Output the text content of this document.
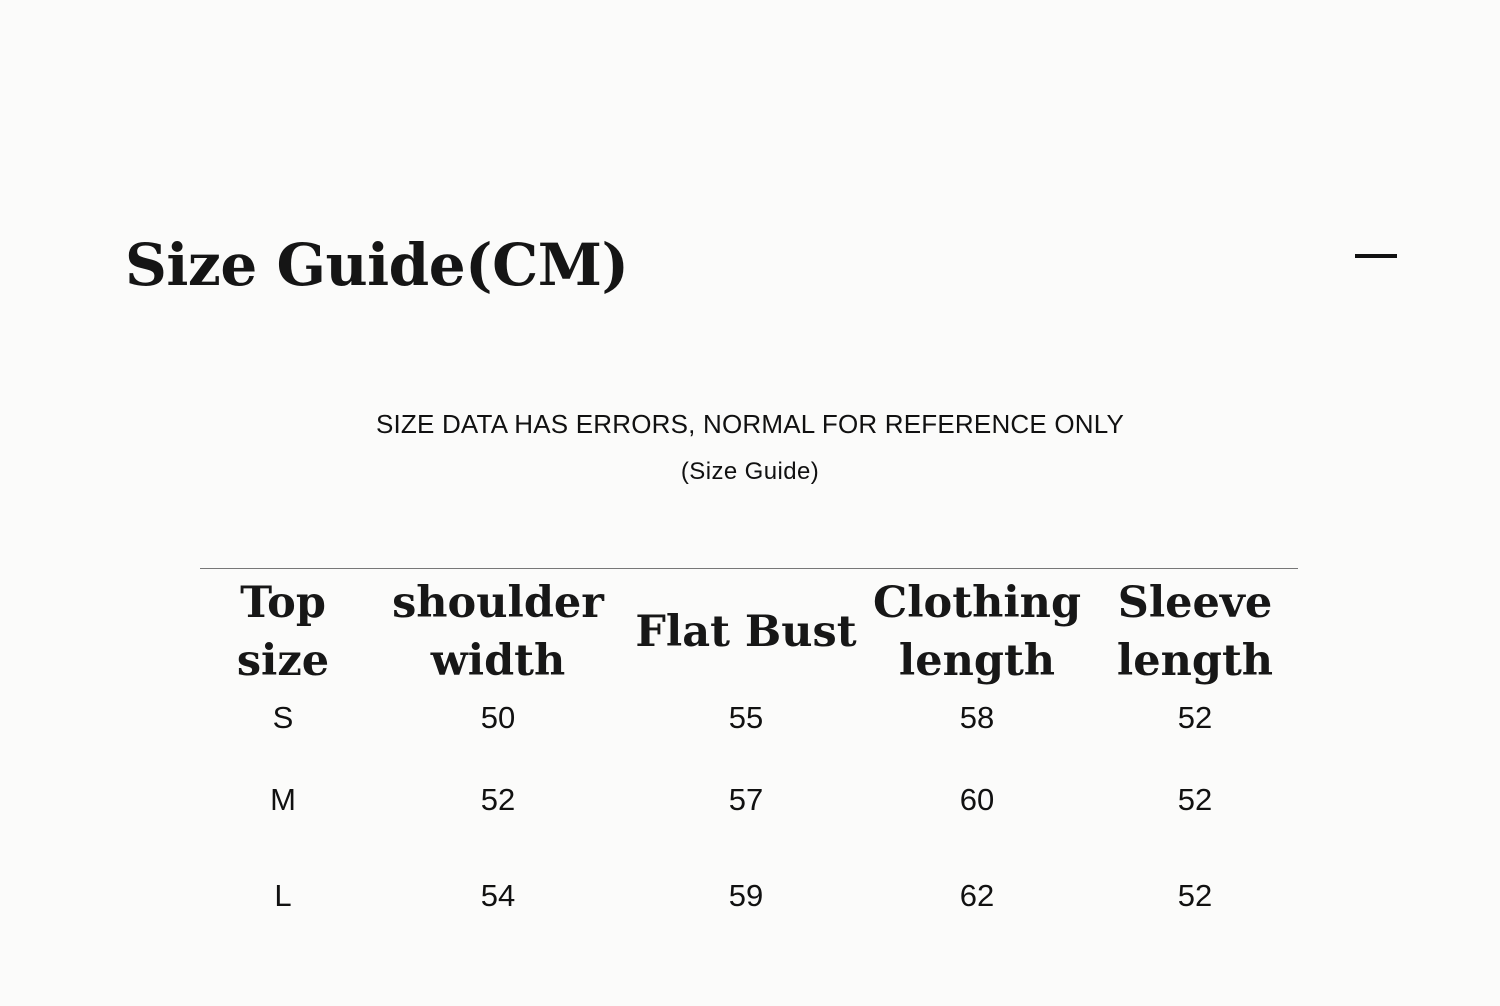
Size Guide(CM)
SIZE DATA HAS ERRORS, NORMAL FOR REFERENCE ONLY
(Size Guide)
Top size	shoulder width	Flat Bust	Clothing length	Sleeve length
S	50	55	58	52
M	52	57	60	52
L	54	59	62	52
